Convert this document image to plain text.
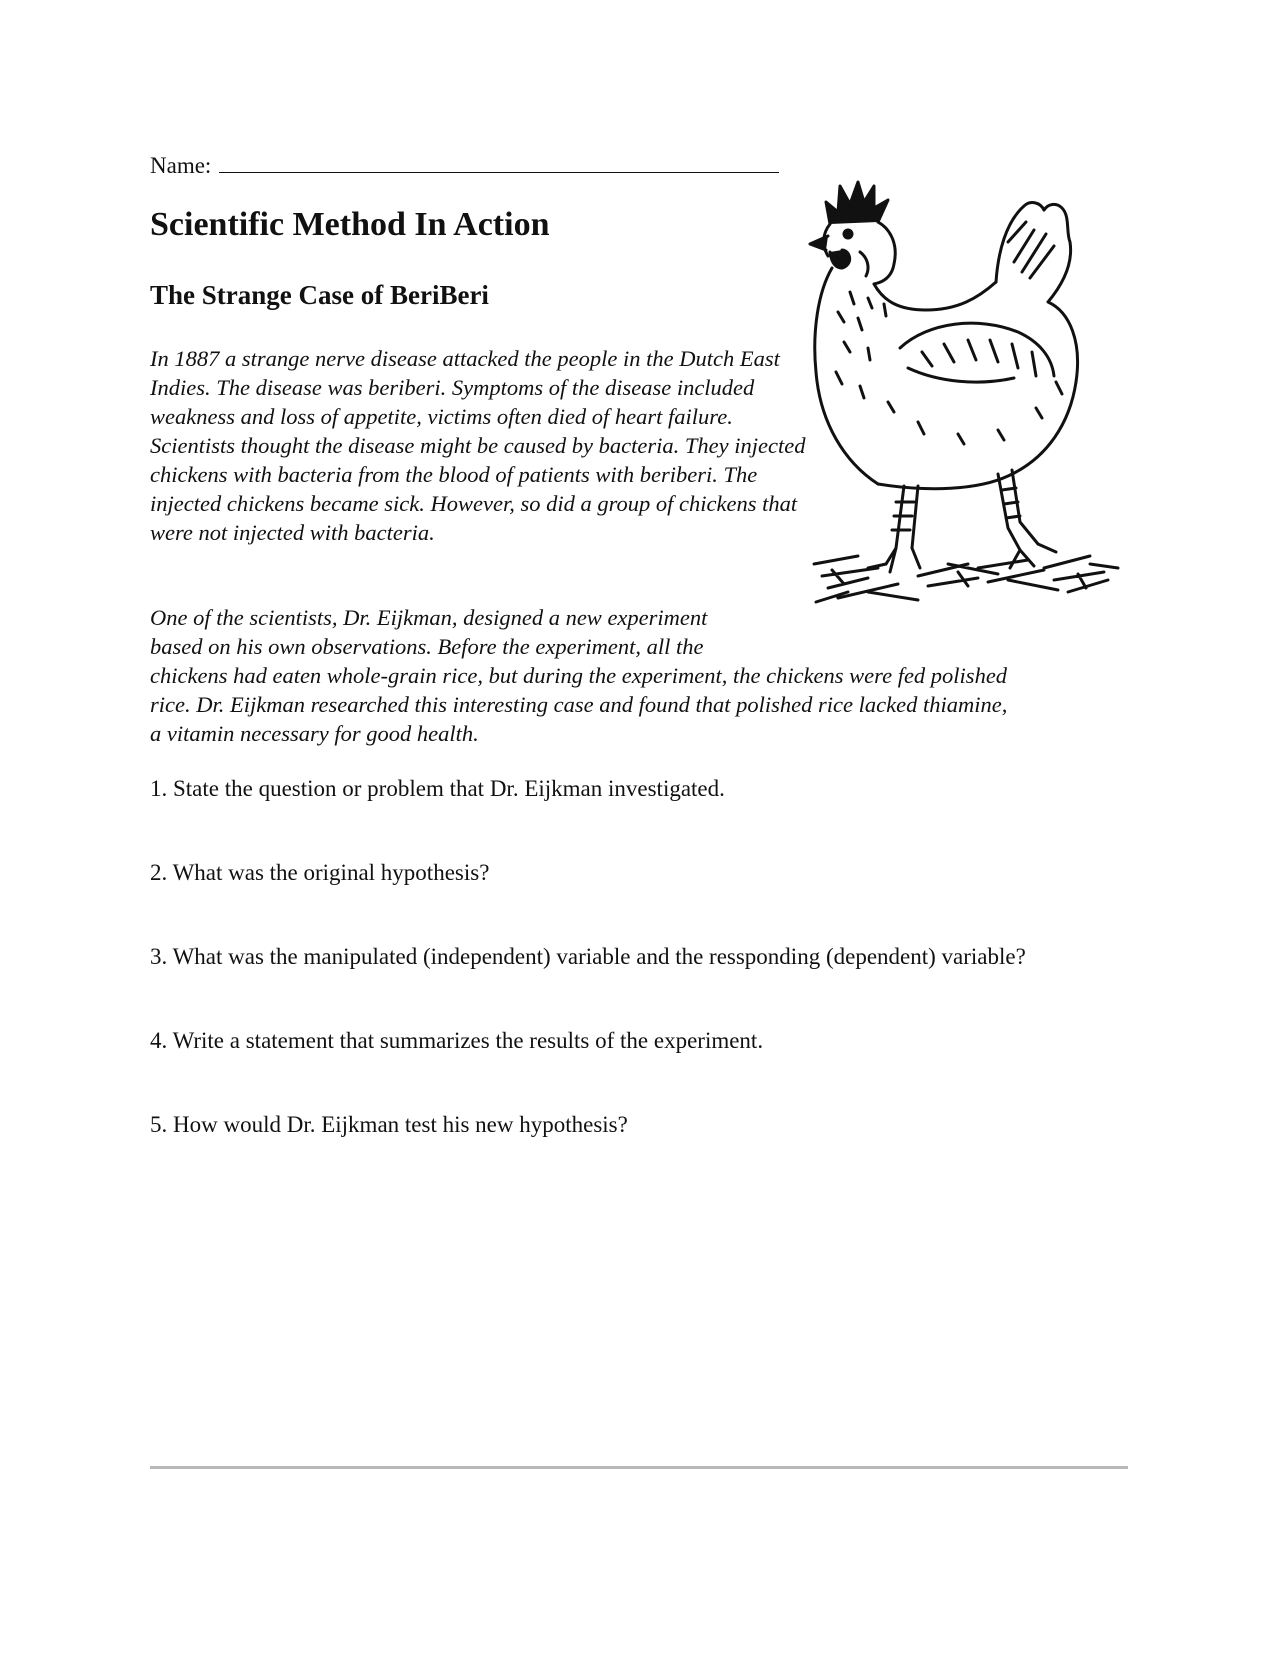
Name:
Scientific Method In Action
The Strange Case of BeriBeri

In 1887 a strange nerve disease attacked the people in the Dutch East Indies. The disease was beriberi. Symptoms of the disease included weakness and loss of appetite, victims often died of heart failure. Scientists thought the disease might be caused by bacteria. They injected chickens with bacteria from the blood of patients with beriberi. The injected chickens became sick. However, so did a group of chickens that were not injected with bacteria.

One of the scientists, Dr. Eijkman, designed a new experiment
based on his own observations. Before the experiment, all the
chickens had eaten whole-grain rice, but during the experiment, the chickens were fed polished
rice. Dr. Eijkman researched this interesting case and found that polished rice lacked thiamine,
a vitamin necessary for good health.

1. State the question or problem that Dr. Eijkman investigated.

2. What was the original hypothesis?

3. What was the manipulated (independent) variable and the ressponding (dependent) variable?

4. Write a statement that summarizes the results of the experiment.

5. How would Dr. Eijkman test his new hypothesis?
